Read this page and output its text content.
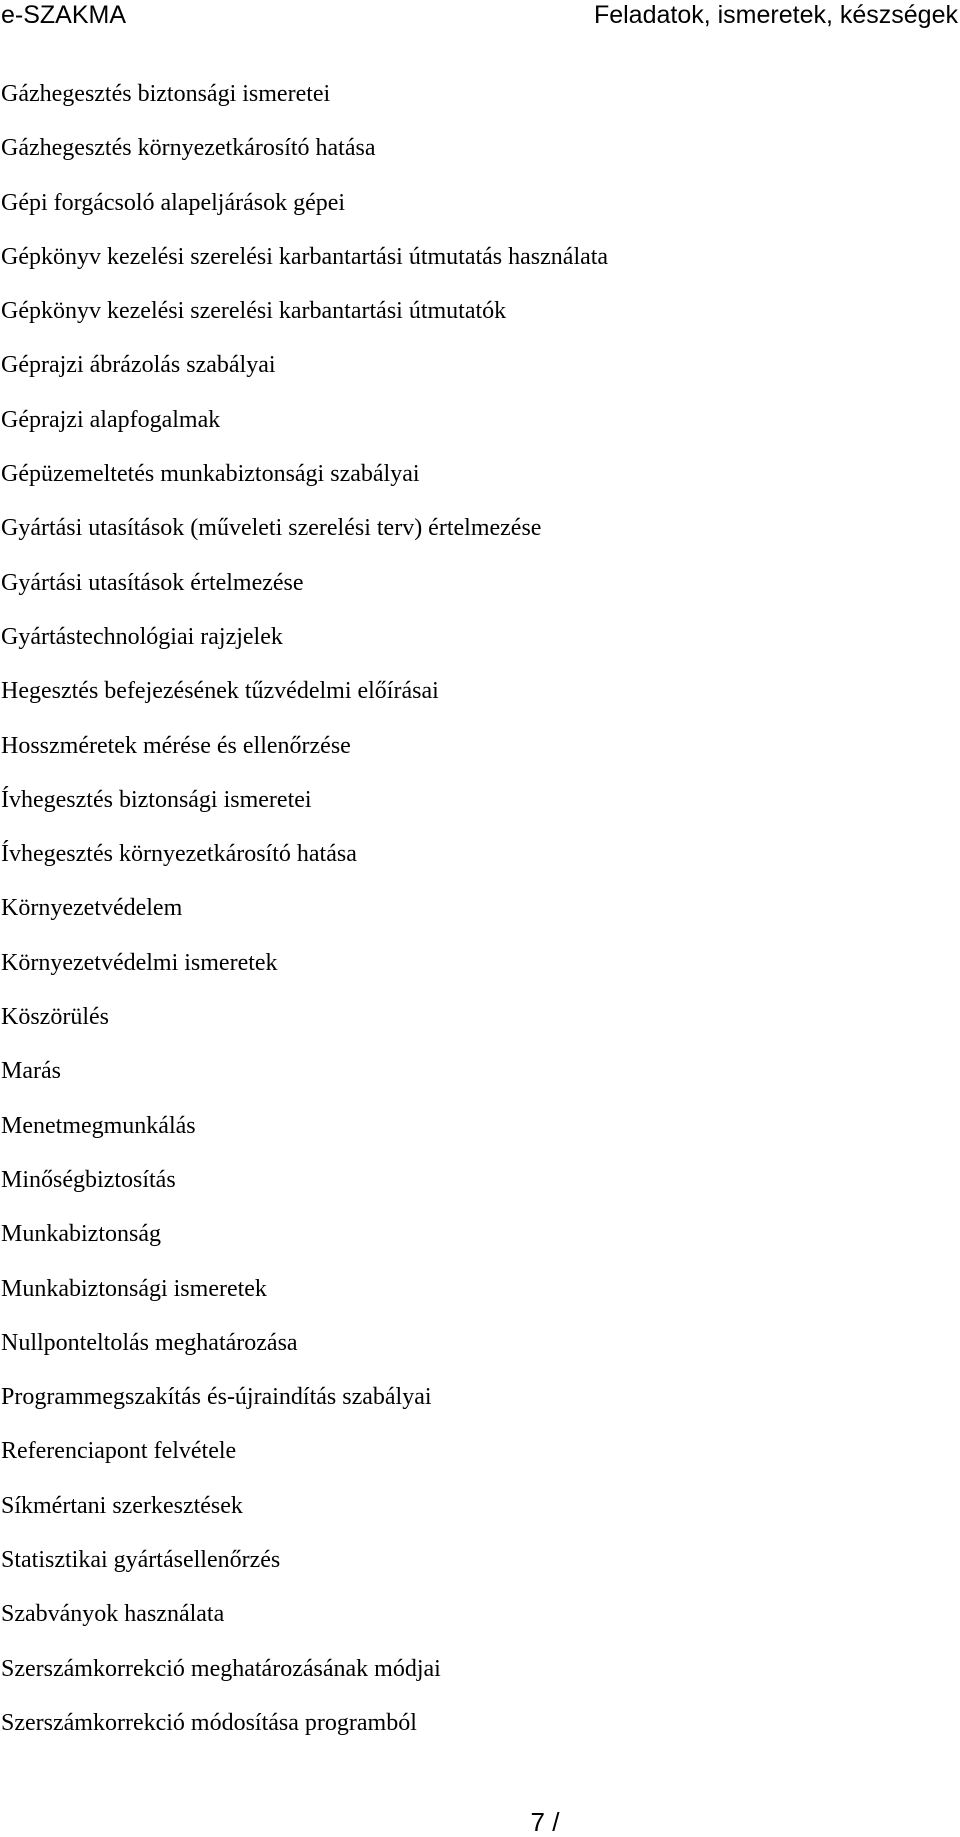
e-SZAKMA	Feladatok, ismeretek, készségek
Gázhegesztés biztonsági ismeretei
Gázhegesztés környezetkárosító hatása
Gépi forgácsoló alapeljárások gépei
Gépkönyv kezelési szerelési karbantartási útmutatás használata
Gépkönyv kezelési szerelési karbantartási útmutatók
Géprajzi ábrázolás szabályai
Géprajzi alapfogalmak
Gépüzemeltetés munkabiztonsági szabályai
Gyártási utasítások (műveleti szerelési terv) értelmezése
Gyártási utasítások értelmezése
Gyártástechnológiai rajzjelek
Hegesztés befejezésének tűzvédelmi előírásai
Hosszméretek mérése és ellenőrzése
Ívhegesztés biztonsági ismeretei
Ívhegesztés környezetkárosító hatása
Környezetvédelem
Környezetvédelmi ismeretek
Köszörülés
Marás
Menetmegmunkálás
Minőségbiztosítás
Munkabiztonság
Munkabiztonsági ismeretek
Nullponteltolás meghatározása
Programmegszakítás és-újraindítás szabályai
Referenciapont felvétele
Síkmértani szerkesztések
Statisztikai gyártásellenőrzés
Szabványok használata
Szerszámkorrekció meghatározásának módjai
Szerszámkorrekció módosítása programból
7 /
